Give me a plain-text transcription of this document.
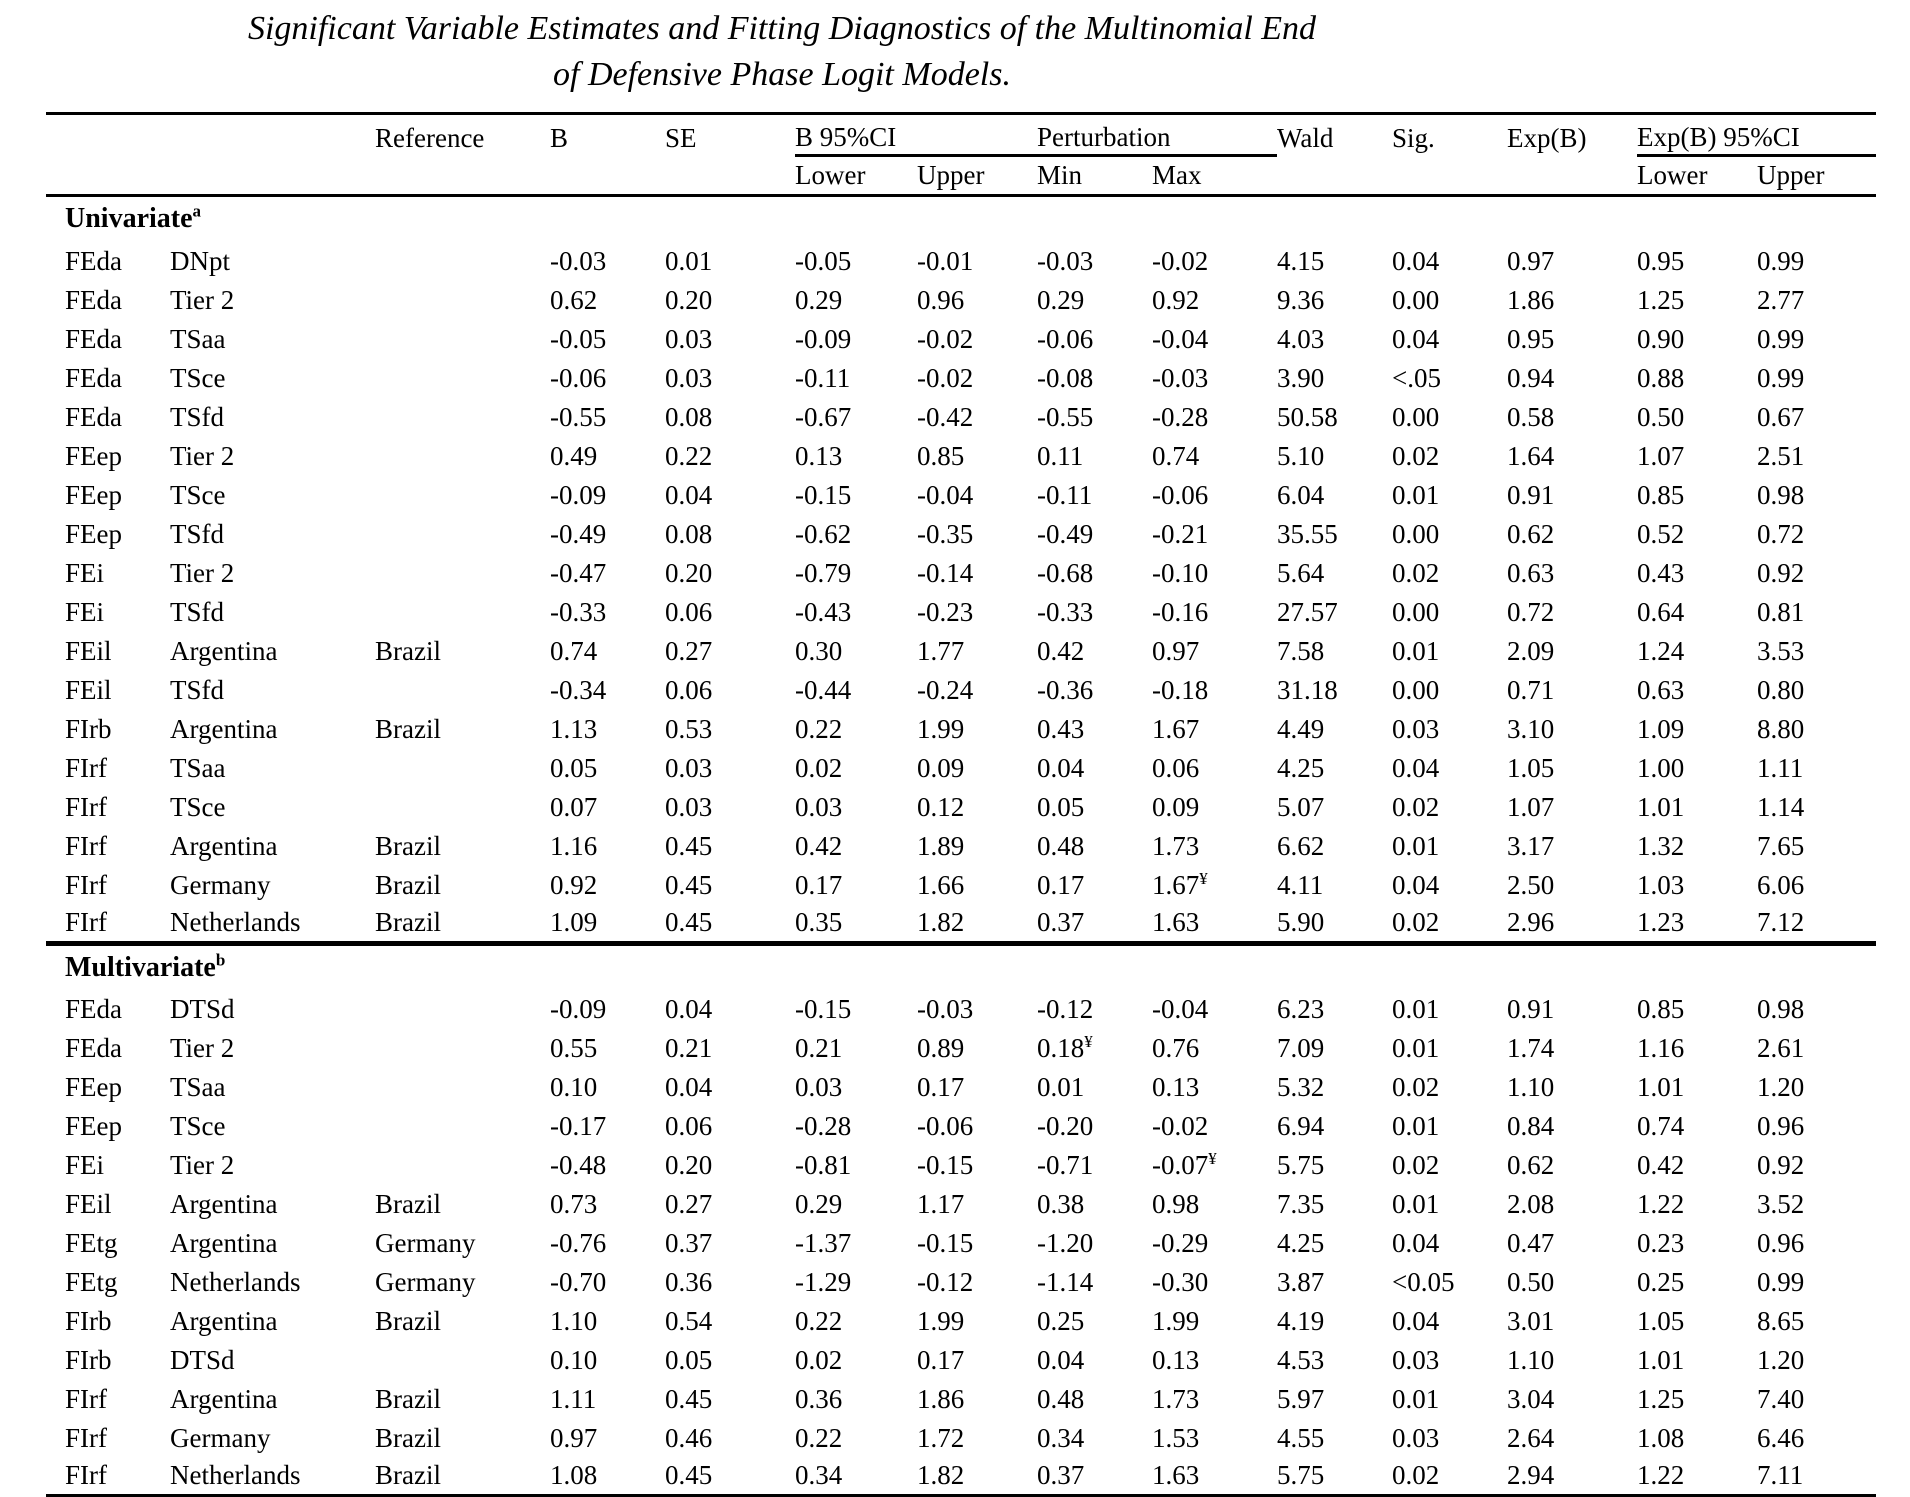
Significant Variable Estimates and Fitting Diagnostics of the Multinomial End
of Defensive Phase Logit Models.
		Reference	B	SE	B 95%CI		Perturbation		Wald	Sig.	Exp(B)	Exp(B) 95%CI	
					Lower	Upper	Min	Max				Lower	Upper
Univariate$^a$
FEda	DNpt		-0.03	0.01	-0.05	-0.01	-0.03	-0.02	4.15	0.04	0.97	0.95	0.99
FEda	Tier 2		0.62	0.20	0.29	0.96	0.29	0.92	9.36	0.00	1.86	1.25	2.77
FEda	TSaa		-0.05	0.03	-0.09	-0.02	-0.06	-0.04	4.03	0.04	0.95	0.90	0.99
FEda	TSce		-0.06	0.03	-0.11	-0.02	-0.08	-0.03	3.90	<.05	0.94	0.88	0.99
FEda	TSfd		-0.55	0.08	-0.67	-0.42	-0.55	-0.28	50.58	0.00	0.58	0.50	0.67
FEep	Tier 2		0.49	0.22	0.13	0.85	0.11	0.74	5.10	0.02	1.64	1.07	2.51
FEep	TSce		-0.09	0.04	-0.15	-0.04	-0.11	-0.06	6.04	0.01	0.91	0.85	0.98
FEep	TSfd		-0.49	0.08	-0.62	-0.35	-0.49	-0.21	35.55	0.00	0.62	0.52	0.72
FEi	Tier 2		-0.47	0.20	-0.79	-0.14	-0.68	-0.10	5.64	0.02	0.63	0.43	0.92
FEi	TSfd		-0.33	0.06	-0.43	-0.23	-0.33	-0.16	27.57	0.00	0.72	0.64	0.81
FEil	Argentina	Brazil	0.74	0.27	0.30	1.77	0.42	0.97	7.58	0.01	2.09	1.24	3.53
FEil	TSfd		-0.34	0.06	-0.44	-0.24	-0.36	-0.18	31.18	0.00	0.71	0.63	0.80
FIrb	Argentina	Brazil	1.13	0.53	0.22	1.99	0.43	1.67	4.49	0.03	3.10	1.09	8.80
FIrf	TSaa		0.05	0.03	0.02	0.09	0.04	0.06	4.25	0.04	1.05	1.00	1.11
FIrf	TSce		0.07	0.03	0.03	0.12	0.05	0.09	5.07	0.02	1.07	1.01	1.14
FIrf	Argentina	Brazil	1.16	0.45	0.42	1.89	0.48	1.73	6.62	0.01	3.17	1.32	7.65
FIrf	Germany	Brazil	0.92	0.45	0.17	1.66	0.17	1.67¥	4.11	0.04	2.50	1.03	6.06
FIrf	Netherlands	Brazil	1.09	0.45	0.35	1.82	0.37	1.63	5.90	0.02	2.96	1.23	7.12
Multivariate$^b$
FEda	DTSd		-0.09	0.04	-0.15	-0.03	-0.12	-0.04	6.23	0.01	0.91	0.85	0.98
FEda	Tier 2		0.55	0.21	0.21	0.89	0.18¥	0.76	7.09	0.01	1.74	1.16	2.61
FEep	TSaa		0.10	0.04	0.03	0.17	0.01	0.13	5.32	0.02	1.10	1.01	1.20
FEep	TSce		-0.17	0.06	-0.28	-0.06	-0.20	-0.02	6.94	0.01	0.84	0.74	0.96
FEi	Tier 2		-0.48	0.20	-0.81	-0.15	-0.71	-0.07¥	5.75	0.02	0.62	0.42	0.92
FEil	Argentina	Brazil	0.73	0.27	0.29	1.17	0.38	0.98	7.35	0.01	2.08	1.22	3.52
FEtg	Argentina	Germany	-0.76	0.37	-1.37	-0.15	-1.20	-0.29	4.25	0.04	0.47	0.23	0.96
FEtg	Netherlands	Germany	-0.70	0.36	-1.29	-0.12	-1.14	-0.30	3.87	<0.05	0.50	0.25	0.99
FIrb	Argentina	Brazil	1.10	0.54	0.22	1.99	0.25	1.99	4.19	0.04	3.01	1.05	8.65
FIrb	DTSd		0.10	0.05	0.02	0.17	0.04	0.13	4.53	0.03	1.10	1.01	1.20
FIrf	Argentina	Brazil	1.11	0.45	0.36	1.86	0.48	1.73	5.97	0.01	3.04	1.25	7.40
FIrf	Germany	Brazil	0.97	0.46	0.22	1.72	0.34	1.53	4.55	0.03	2.64	1.08	6.46
FIrf	Netherlands	Brazil	1.08	0.45	0.34	1.82	0.37	1.63	5.75	0.02	2.94	1.22	7.11
